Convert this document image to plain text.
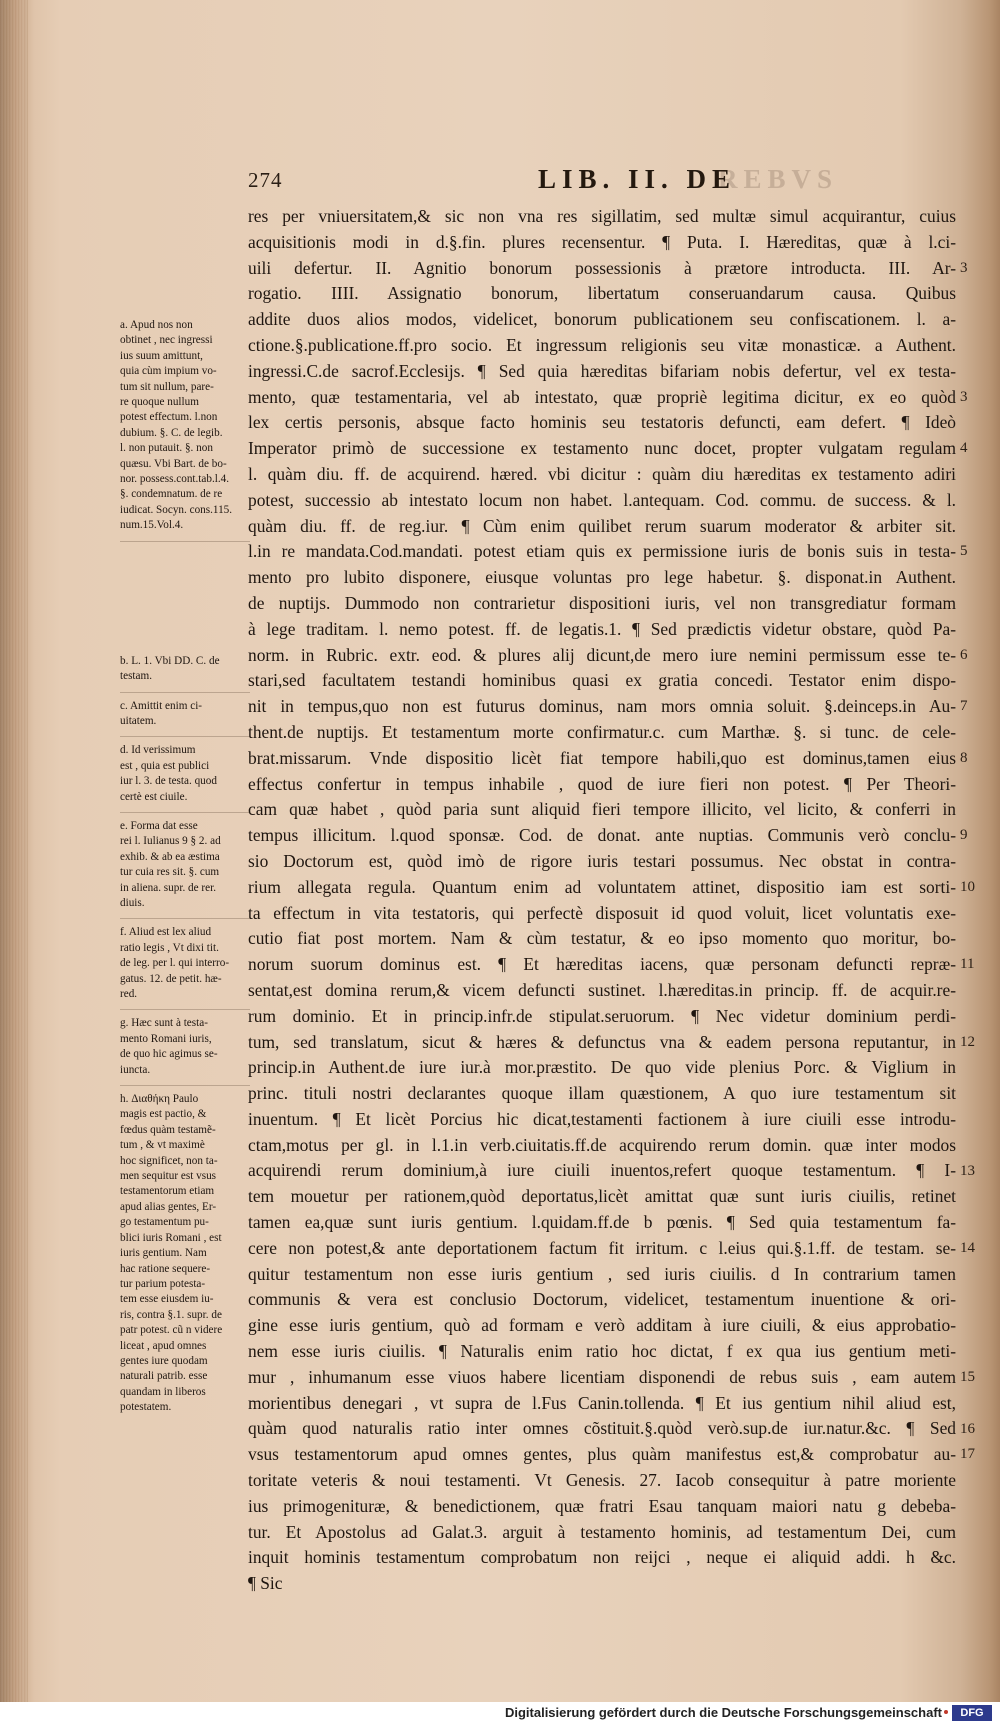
274	LIB. II. DE
REBVS
res per vniuersitatem,& sic non vna res sigillatim, sed multæ simul acquirantur, cuius
acquisitionis modi in d.§.fin. plures recensentur. ¶ Puta. I. Hæreditas, quæ à l.ci-
uili defertur. II. Agnitio bonorum possessionis à prætore introducta. III. Ar-
rogatio. IIII. Assignatio bonorum, libertatum conseruandarum causa. Quibus
addite duos alios modos, videlicet, bonorum publicationem seu confiscationem. l. a-
ctione.§.publicatione.ff.pro socio. Et ingressum religionis seu vitæ monasticæ. a Authent.
ingressi.C.de sacrof.Ecclesijs. ¶ Sed quia hæreditas bifariam nobis defertur, vel ex testa-
mento, quæ testamentaria, vel ab intestato, quæ propriè legitima dicitur, ex eo quòd
lex certis personis, absque facto hominis seu testatoris defuncti, eam defert. ¶ Ideò
Imperator primò de successione ex testamento nunc docet, propter vulgatam regulam
l. quàm diu. ff. de acquirend. hæred. vbi dicitur : quàm diu hæreditas ex testamento adiri
potest, successio ab intestato locum non habet. l.antequam. Cod. commu. de success. & l.
quàm diu. ff. de reg.iur. ¶ Cùm enim quilibet rerum suarum moderator & arbiter sit.
l.in re mandata.Cod.mandati. potest etiam quis ex permissione iuris de bonis suis in testa-
mento pro lubito disponere, eiusque voluntas pro lege habetur. §. disponat.in Authent.
de nuptijs. Dummodo non contrarietur dispositioni iuris, vel non transgrediatur formam
à lege traditam. l. nemo potest. ff. de legatis.1. ¶ Sed prædictis videtur obstare, quòd Pa-
norm. in Rubric. extr. eod. & plures alij dicunt,de mero iure nemini permissum esse te-
stari,sed facultatem testandi hominibus quasi ex gratia concedi. Testator enim dispo-
nit in tempus,quo non est futurus dominus, nam mors omnia soluit. §.deinceps.in Au-
thent.de nuptijs. Et testamentum morte confirmatur.c. cum Marthæ. §. si tunc. de cele-
brat.missarum. Vnde dispositio licèt fiat tempore habili,quo est dominus,tamen eius
effectus confertur in tempus inhabile , quod de iure fieri non potest. ¶ Per Theori-
cam quæ habet , quòd paria sunt aliquid fieri tempore illicito, vel licito, & conferri in
tempus illicitum. l.quod sponsæ. Cod. de donat. ante nuptias. Communis verò conclu-
sio Doctorum est, quòd imò de rigore iuris testari possumus. Nec obstat in contra-
rium allegata regula. Quantum enim ad voluntatem attinet, dispositio iam est sorti-
ta effectum in vita testatoris, qui perfectè disposuit id quod voluit, licet voluntatis exe-
cutio fiat post mortem. Nam & cùm testatur, & eo ipso momento quo moritur, bo-
norum suorum dominus est. ¶ Et hæreditas iacens, quæ personam defuncti repræ-
sentat,est domina rerum,& vicem defuncti sustinet. l.hæreditas.in princip. ff. de acquir.re-
rum dominio. Et in princip.infr.de stipulat.seruorum. ¶ Nec videtur dominium perdi-
tum, sed translatum, sicut & hæres & defunctus vna & eadem persona reputantur, in
princip.in Authent.de iure iur.à mor.præstito. De quo vide plenius Porc. & Viglium in
princ. tituli nostri declarantes quoque illam quæstionem, A quo iure testamentum sit
inuentum. ¶ Et licèt Porcius hic dicat,testamenti factionem à iure ciuili esse introdu-
ctam,motus per gl. in l.1.in verb.ciuitatis.ff.de acquirendo rerum domin. quæ inter modos
acquirendi rerum dominium,à iure ciuili inuentos,refert quoque testamentum. ¶ I-
tem mouetur per rationem,quòd deportatus,licèt amittat quæ sunt iuris ciuilis, retinet
tamen ea,quæ sunt iuris gentium. l.quidam.ff.de b pœnis. ¶ Sed quia testamentum fa-
cere non potest,& ante deportationem factum fit irritum. c l.eius qui.§.1.ff. de testam. se-
quitur testamentum non esse iuris gentium , sed iuris ciuilis. d In contrarium tamen
communis & vera est conclusio Doctorum, videlicet, testamentum inuentione & ori-
gine esse iuris gentium, quò ad formam e verò additam à iure ciuili, & eius approbatio-
nem esse iuris ciuilis. ¶ Naturalis enim ratio hoc dictat, f ex qua ius gentium meti-
mur , inhumanum esse viuos habere licentiam disponendi de rebus suis , eam autem
morientibus denegari , vt supra de l.Fus Canin.tollenda. ¶ Et ius gentium nihil aliud est,
quàm quod naturalis ratio inter omnes cõstituit.§.quòd verò.sup.de iur.natur.&c. ¶ Sed
vsus testamentorum apud omnes gentes, plus quàm manifestus est,& comprobatur au-
toritate veteris & noui testamenti. Vt Genesis. 27. Iacob consequitur à patre moriente
ius primogenituræ, & benedictionem, quæ fratri Esau tanquam maiori natu g debeba-
tur. Et Apostolus ad Galat.3. arguit à testamento hominis, ad testamentum Dei, cum
inquit hominis testamentum comprobatum non reijci , neque ei aliquid addi. h &c.
¶ Sic
a. Apud nos non
obtinet , nec ingressi
ius suum amittunt,
quia cùm impium vo-
tum sit nullum, pare-
re quoque nullum
potest effectum. l.non
dubium. §. C. de legib.
l. non putauit. §. non
quæsu. Vbi Bart. de bo-
nor. possess.cont.tab.l.4.
§. condemnatum. de re
iudicat. Socyn. cons.115.
num.15.Vol.4.
b. L. 1. Vbi DD. C. de
testam.
c. Amittit enim ci-
uitatem.
d. Id verissimum
est , quia est publici
iur l. 3. de testa. quod
certè est ciuile.
e. Forma dat esse
rei l. Iulianus 9 § 2. ad
exhib. & ab ea æstima
tur cuia res sit. §. cum
in aliena. supr. de rer.
diuis.
f. Aliud est lex aliud
ratio legis , Vt dixi tit.
de leg. per l. qui interro-
gatus. 12. de petit. hæ-
red.
g. Hæc sunt à testa-
mento Romani iuris,
de quo hic agimus se-
iuncta.
h. Διαθήκη Paulo
magis est pactio, &
fœdus quàm testamẽ-
tum , & vt maximè
hoc significet, non ta-
men sequitur est vsus
testamentorum etiam
apud alias gentes, Er-
go testamentum pu-
blici iuris Romani , est
iuris gentium. Nam
hac ratione sequere-
tur parium potesta-
tem esse eiusdem iu-
ris, contra §.1. supr. de
patr potest. cũ n videre
liceat , apud omnes
gentes iure quodam
naturali patrib. esse
quandam in liberos
potestatem.
3
3
4
5
6
7
8
9
10
11
12
13
14
15
16
17
Digitalisierung gefördert durch die Deutsche Forschungsgemeinschaft	DFG
